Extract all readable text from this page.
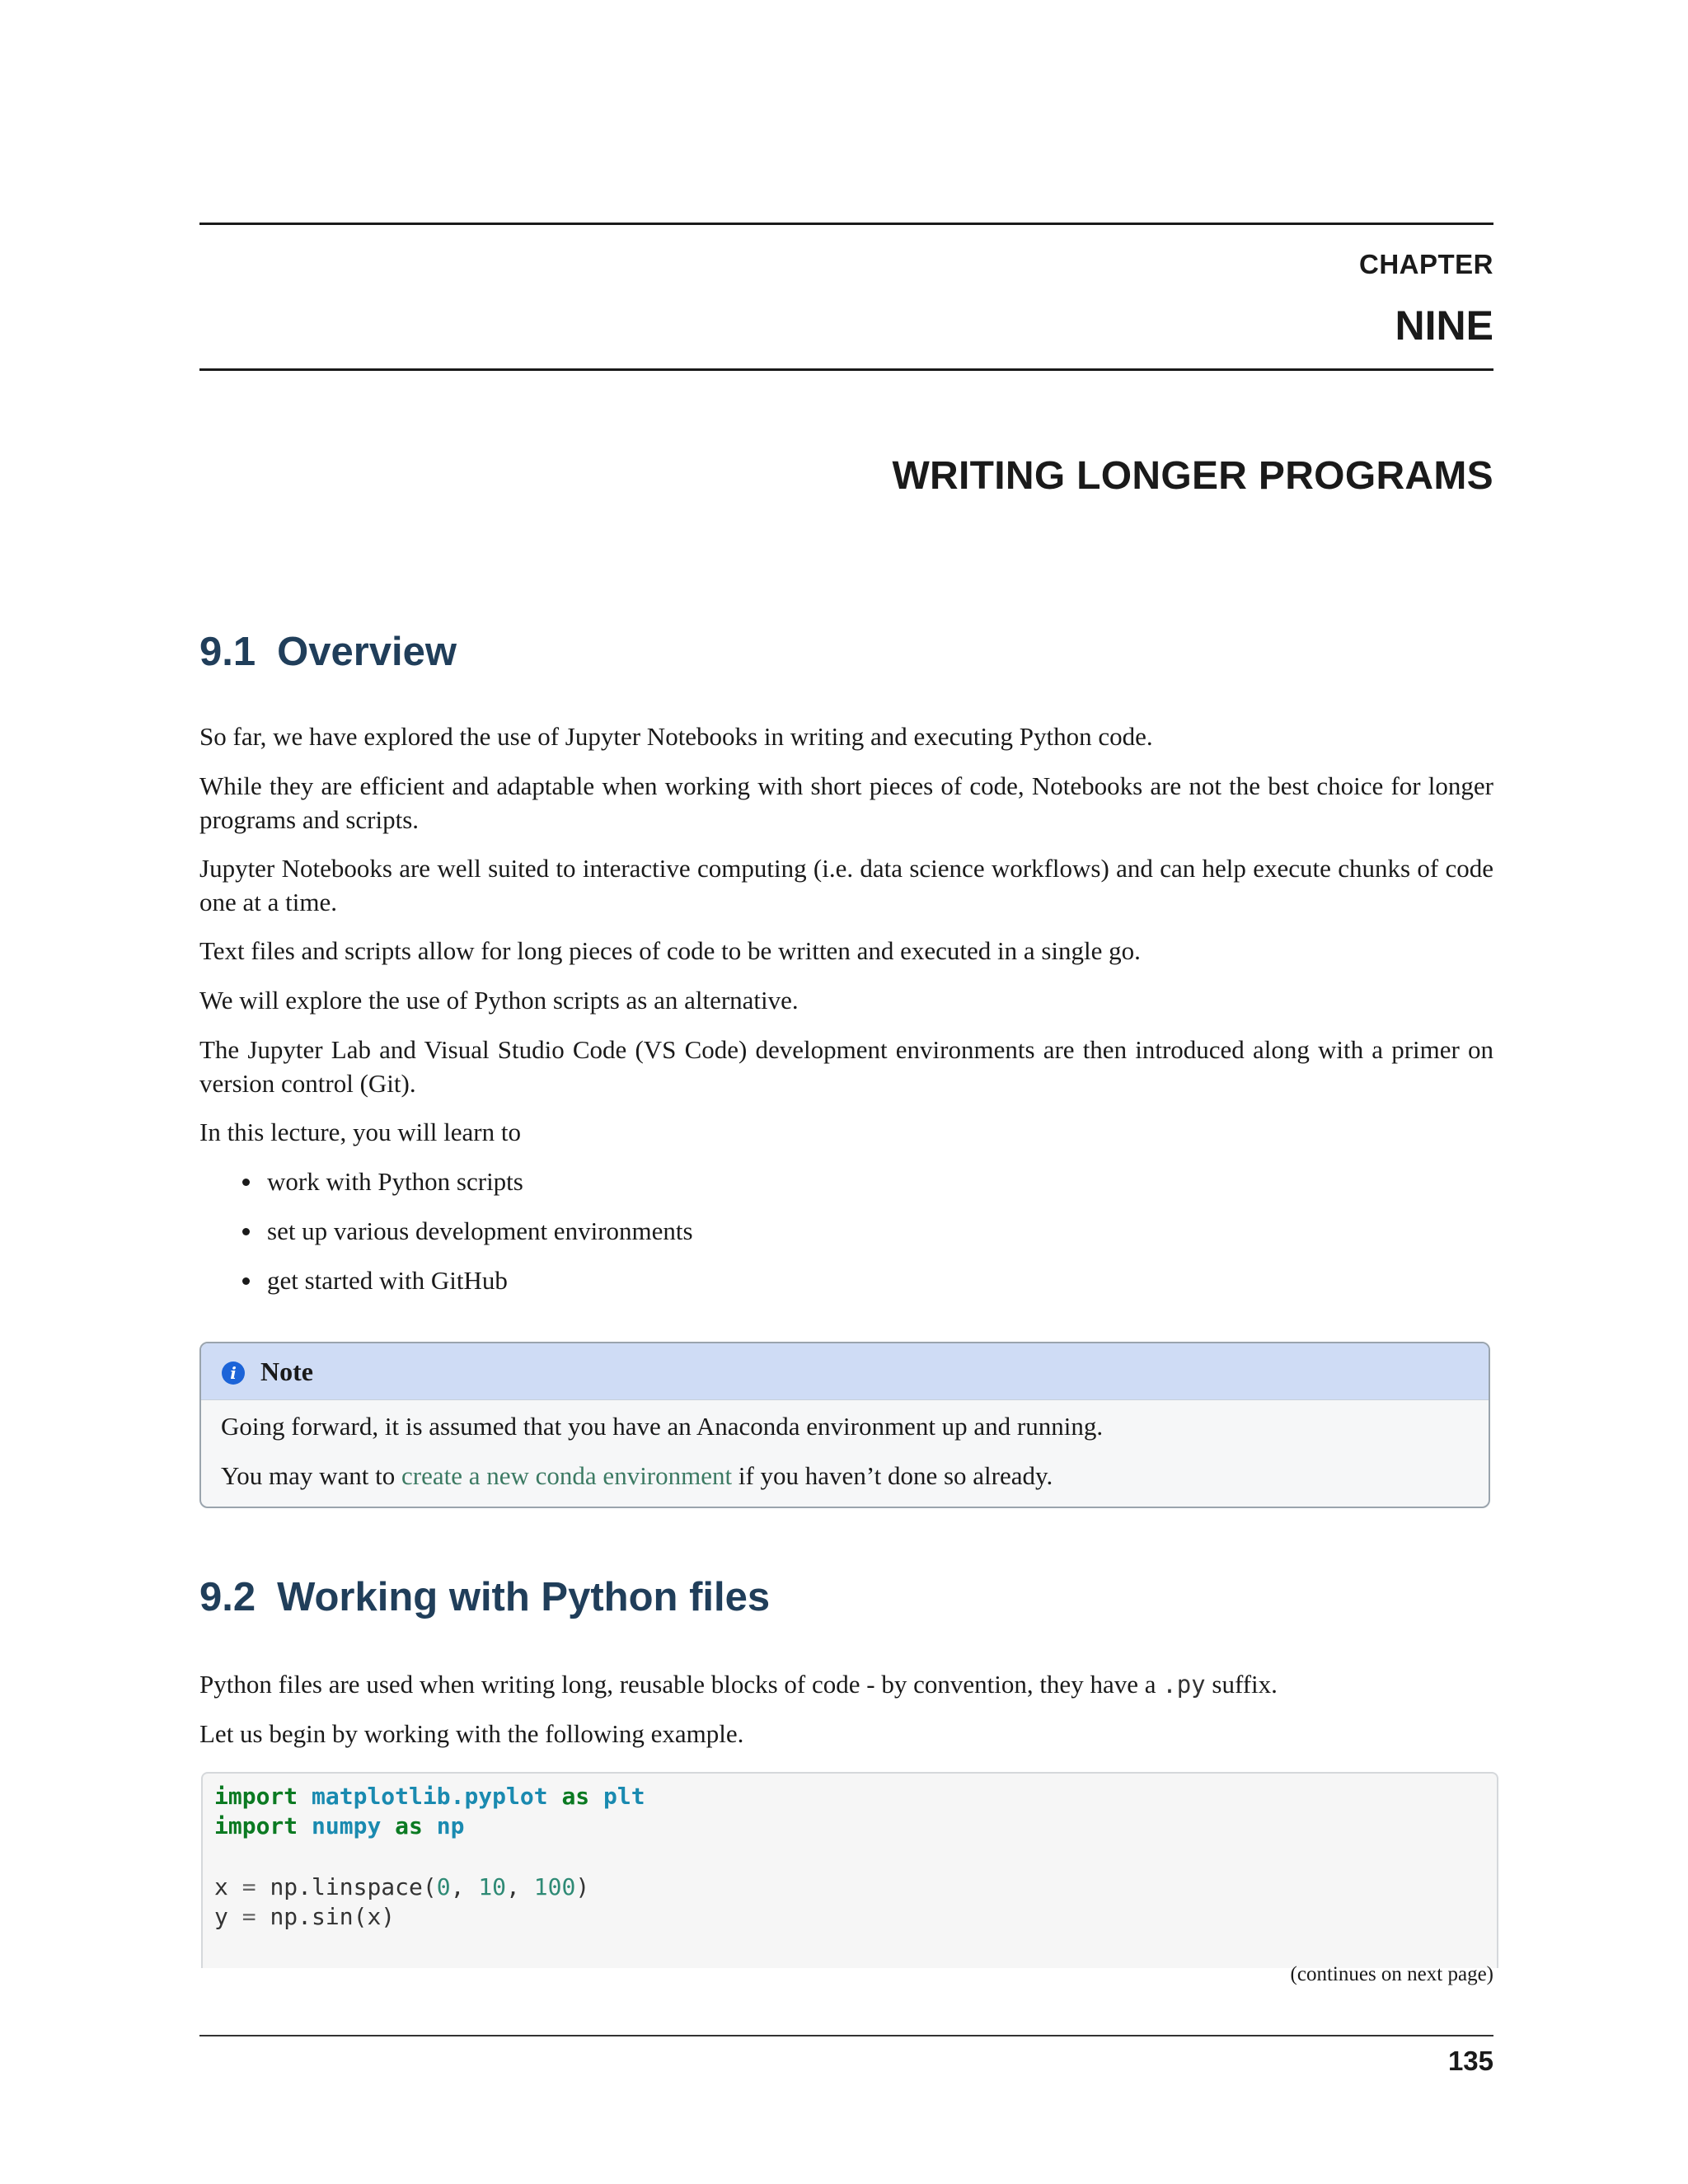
CHAPTER
NINE
WRITING LONGER PROGRAMS
9.1 Overview

So far, we have explored the use of Jupyter Notebooks in writing and executing Python code.

While they are efficient and adaptable when working with short pieces of code, Notebooks are not the best choice for longer programs and scripts.

Jupyter Notebooks are well suited to interactive computing (i.e. data science workflows) and can help execute chunks of code one at a time.

Text files and scripts allow for long pieces of code to be written and executed in a single go.

We will explore the use of Python scripts as an alternative.

The Jupyter Lab and Visual Studio Code (VS Code) development environments are then introduced along with a primer on version control (Git).

In this lecture, you will learn to

work with Python scripts
set up various development environments
get started with GitHub
i Note

Going forward, it is assumed that you have an Anaconda environment up and running.

You may want to create a new conda environment if you haven’t done so already.

9.2 Working with Python files

Python files are used when writing long, reusable blocks of code - by convention, they have a .py suffix.

Let us begin by working with the following example.

import matplotlib.pyplot as plt
import numpy as np
x = np.linspace(0, 10, 100)
y = np.sin(x)
(continues on next page)
135
